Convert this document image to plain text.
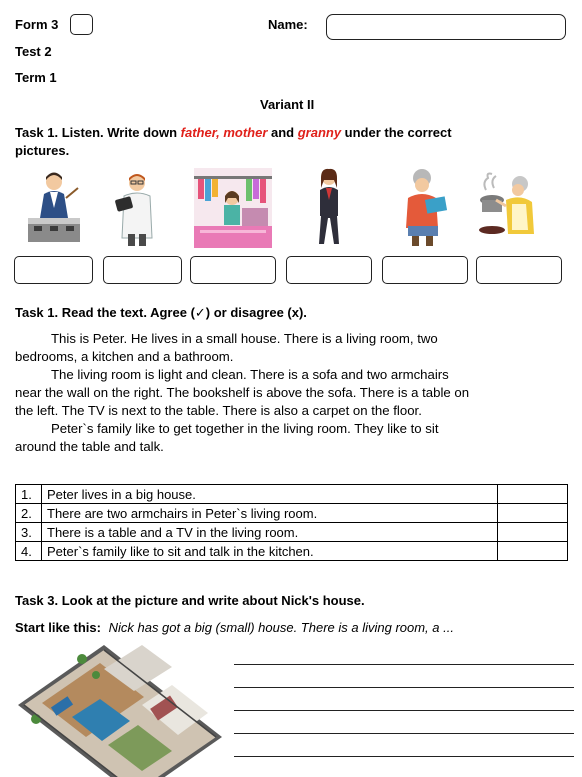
Form 3	Name:
Test 2
Term 1
Variant II
Task 1. Listen. Write down father, mother and granny under the correct
pictures.
Task 1. Read the text. Agree (✓) or disagree (x).
This is Peter. He lives in a small house. There is a living room, two
bedrooms, a kitchen and a bathroom.
The living room is light and clean. There is a sofa and two armchairs
near the wall on the right. The bookshelf is above the sofa. There is a table on
the left. The TV is next to the table. There is also a carpet on the floor.
Peter`s family like to get together in the living room. They like to sit
around the table and talk.
1.	Peter lives in a big house.	
2.	There are two armchairs in Peter`s living room.	
3.	There is a table and a TV in the living room.	
4.	Peter`s family like to sit and talk in the kitchen.	
Task 3. Look at the picture and write about Nick's house.
Start like this: Nick has got a big (small) house. There is a living room, a ...
